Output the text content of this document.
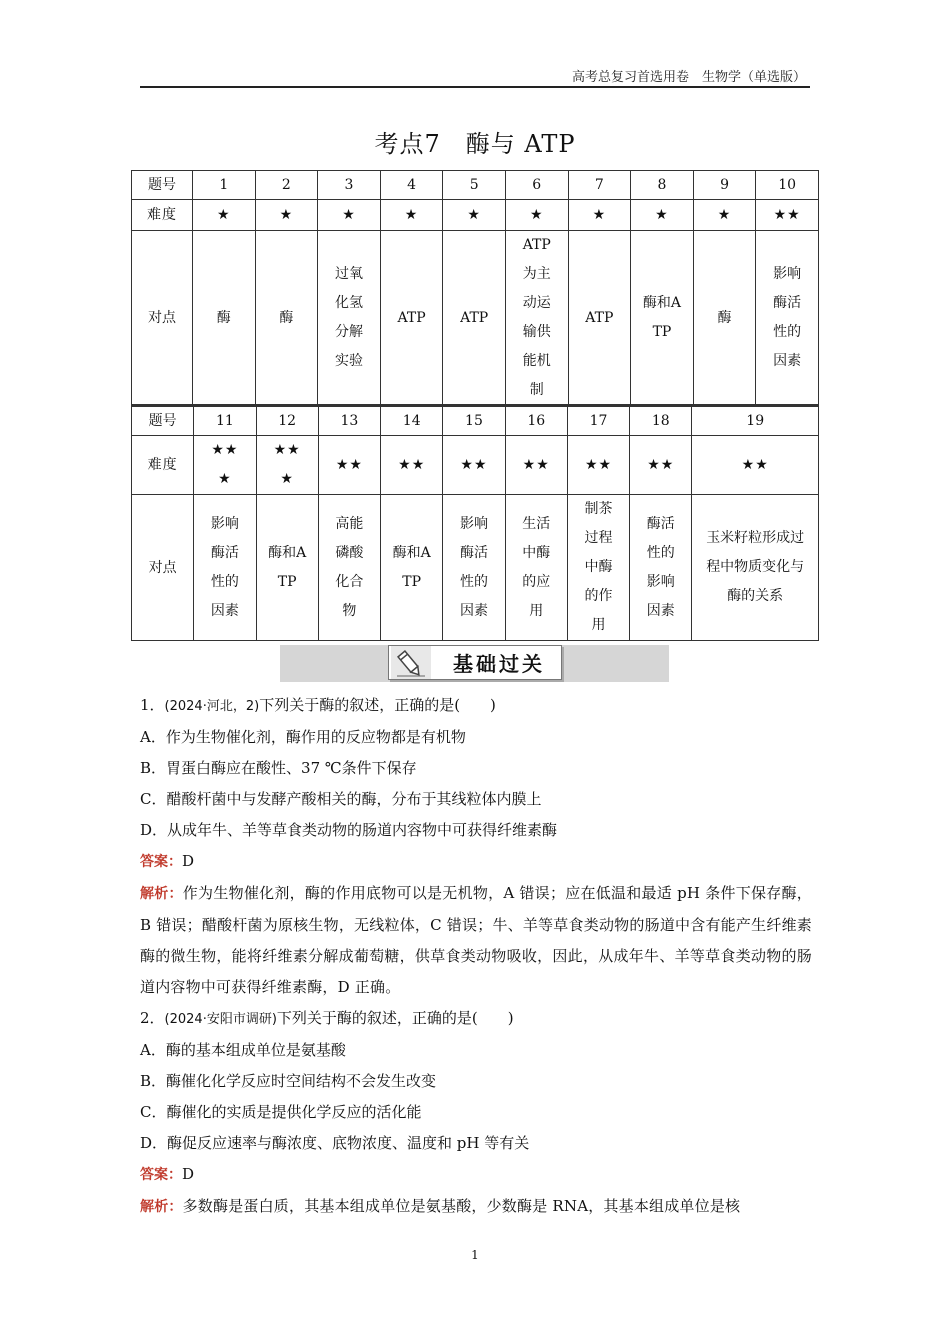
高考总复习首选用卷　生物学（单选版）
考点7　酶与 ATP
题号	1	2	3	4	5	6	7	8	9	10
难度	★	★	★	★	★	★	★	★	★	★★
对点	酶	酶	过氧化氢分解实验	ATP	ATP	ATP为主动运输供能机制	ATP	酶和ATP	酶	影响酶活性的因素
题号	11	12	13	14	15	16	17	18	19
难度	★★★	★★★	★★	★★	★★	★★	★★	★★	★★
对点	影响酶活性的因素	酶和ATP	高能磷酸化合物	酶和ATP	影响酶活性的因素	生活中酶的应用	制茶过程中酶的作用	酶活性的影响因素	玉米籽粒形成过程中物质变化与酶的关系
基础过关

1．(2024·河北，2)下列关于酶的叙述，正确的是(　　)

A．作为生物催化剂，酶作用的反应物都是有机物

B．胃蛋白酶应在酸性、37 ℃条件下保存

C．醋酸杆菌中与发酵产酸相关的酶，分布于其线粒体内膜上

D．从成年牛、羊等草食类动物的肠道内容物中可获得纤维素酶

答案：D

解析：作为生物催化剂，酶的作用底物可以是无机物，A 错误；应在低温和最适 pH 条件下保存酶，B 错误；醋酸杆菌为原核生物，无线粒体，C 错误；牛、羊等草食类动物的肠道中含有能产生纤维素酶的微生物，能将纤维素分解成葡萄糖，供草食类动物吸收，因此，从成年牛、羊等草食类动物的肠道内容物中可获得纤维素酶，D 正确。

2．(2024·安阳市调研)下列关于酶的叙述，正确的是(　　)

A．酶的基本组成单位是氨基酸

B．酶催化化学反应时空间结构不会发生改变

C．酶催化的实质是提供化学反应的活化能

D．酶促反应速率与酶浓度、底物浓度、温度和 pH 等有关

答案：D

解析：多数酶是蛋白质，其基本组成单位是氨基酸，少数酶是 RNA，其基本组成单位是核

1
